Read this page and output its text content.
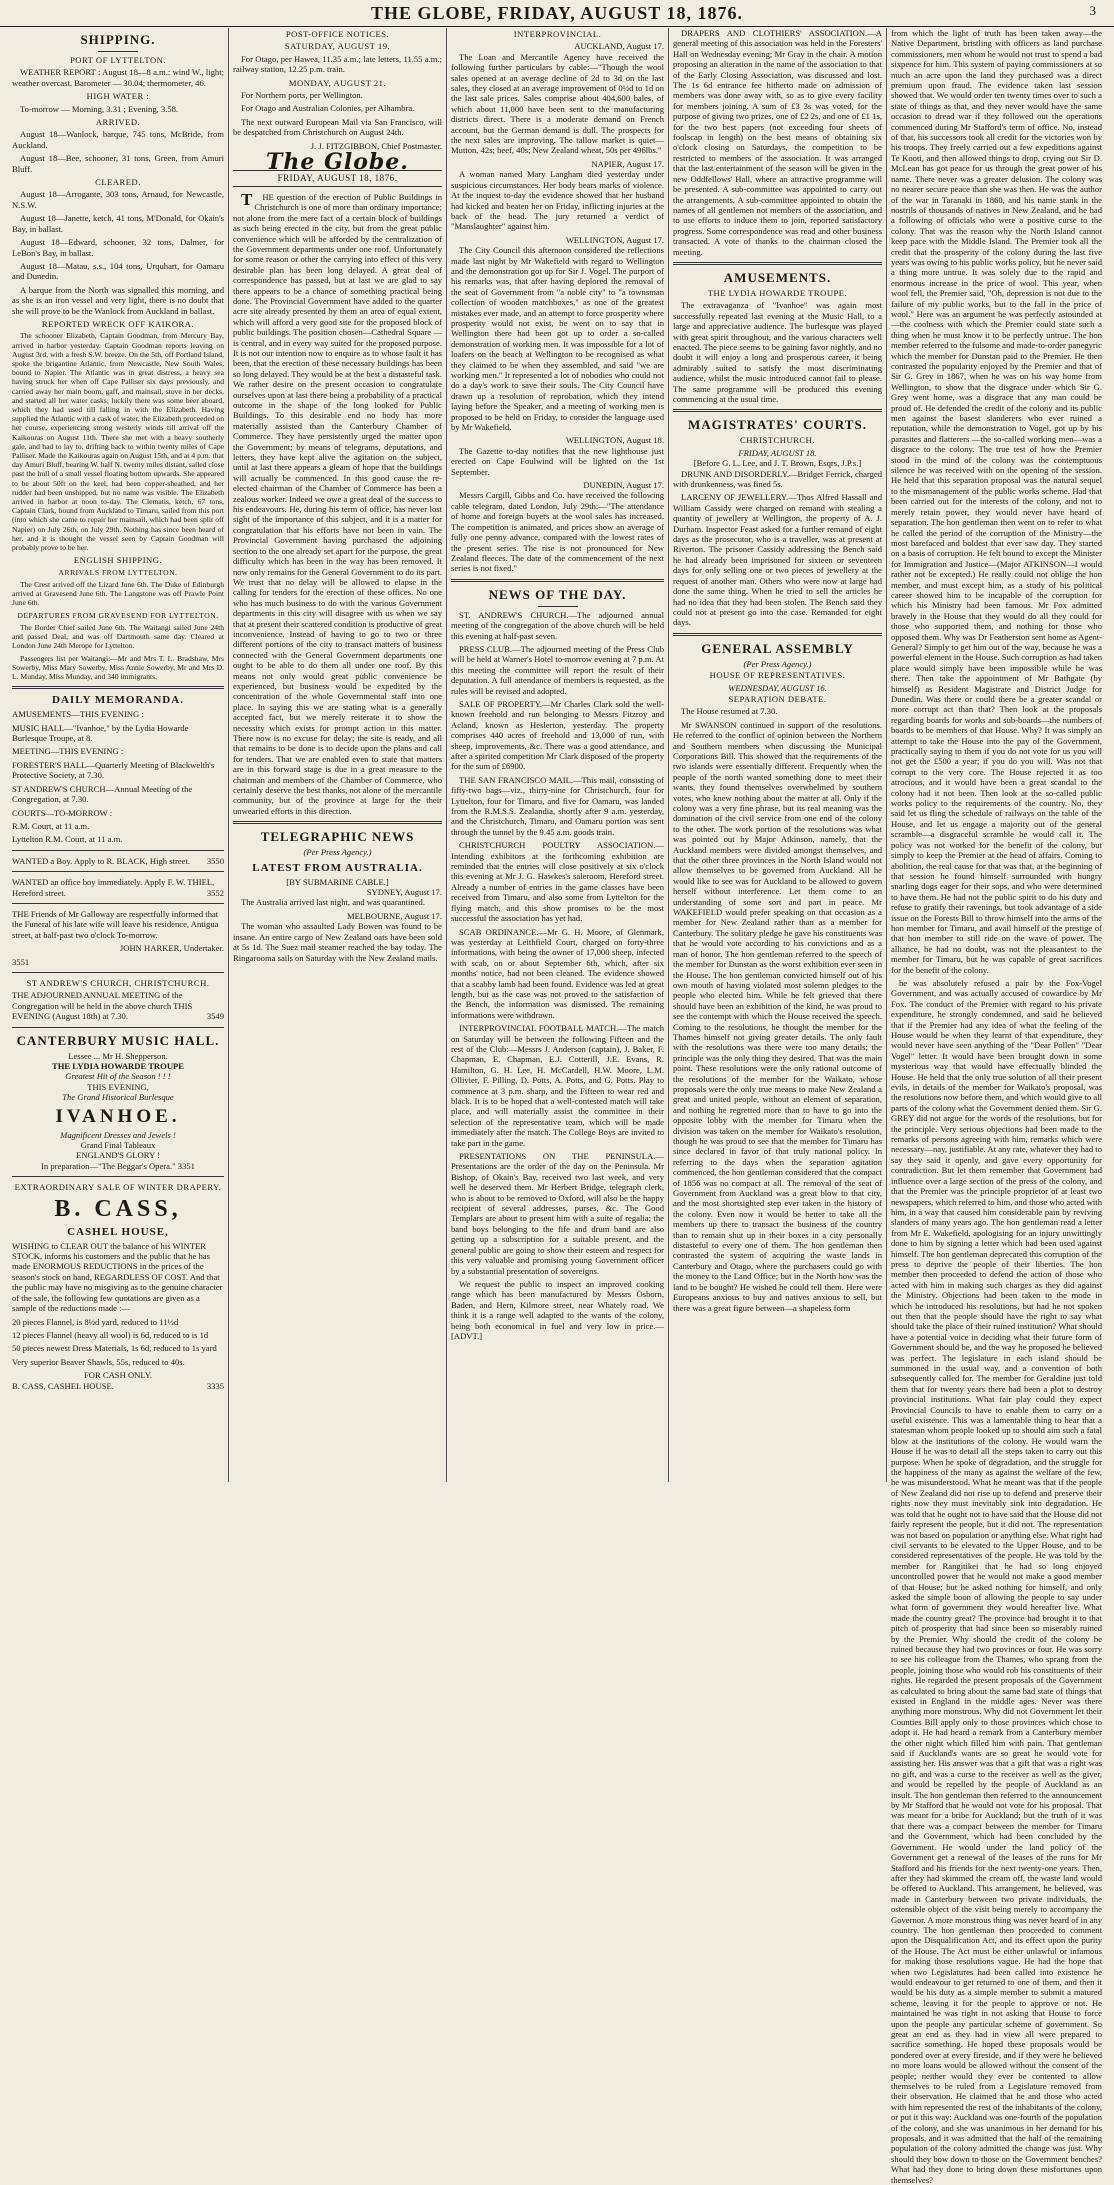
THE GLOBE, FRIDAY, AUGUST 18, 1876.	3
SHIPPING.
PORT OF LYTTELTON.

WEATHER REPORT : August 18—8 a.m.: wind W., light; weather overcast. Barometer — 30.04; thermometer, 46.

HIGH WATER :

To-morrow — Morning, 3.31 ; Evening, 3.58.

ARRIVED.

August 18—Wanlock, barque, 745 tons, McBride, from Auckland.

August 18—Bee, schooner, 31 tons, Green, from Amuri Bluff.

CLEARED.

August 18—Arrogante, 303 tons, Arnaud, for Newcastle, N.S.W.

August 18—Janette, ketch, 41 tons, M'Donald, for Okain's Bay, in ballast.

August 18—Edward, schooner, 32 tons, Dalmer, for LeBon's Bay, in ballast.

August 18—Matau, s.s., 104 tons, Urquhart, for Oamaru and Dunedin.

A barque from the North was signalled this morning, and as she is an iron vessel and very light, there is no doubt that she will prove to be the Wanlock from Auckland in ballast.

REPORTED WRECK OFF KAIKORA.

The schooner Elizabeth, Captain Goodman, from Mercury Bay, arrived in harbor yesterday. Captain Goodman reports leaving on August 3rd, with a fresh S.W. breeze. On the 5th, off Portland Island, spoke the brigantine Atlantic, from Newcastle, New South Wales, bound to Napier. The Atlantic was in great distress, a heavy sea having struck her when off Cape Palliser six days previously, and carried away her main boom, gaff, and mainsail, stove in her decks, and started all her water casks; luckily there was some beer aboard, which they had used till falling in with the Elizabeth. Having supplied the Atlantic with a cask of water, the Elizabeth proceeded on her course, experiencing strong westerly winds till arrival off the Kaikouras on August 11th. There she met with a heavy southerly gale, and had to lay to, drifting back to within twenty miles of Cape Palliser. Made the Kaikouras again on August 15th, and at 4 p.m. that day Amuri Bluff, bearing W. half N. twenty miles distant, sailed close past the hull of a small vessel floating bottom upwards. She appeared to be about 50ft on the keel, had been copper-sheathed, and her rudder had been unshipped, but no name was visible. The Elizabeth arrived in harbor at noon to-day. The Clematis, ketch, 67 tons, Captain Clark, bound from Auckland to Timaru, sailed from this port (into which she came to repair her mainsail, which had been split off Napier) on July 26th, on July 29th. Nothing has since been heard of her, and it is thought the vessel seen by Captain Goodman will probably prove to be her.

ENGLISH SHIPPING.
ARRIVALS FROM LYTTELTON.

The Crest arrived off the Lizard June 6th. The Duke of Edinburgh arrived at Gravesend June 6th. The Langstone was off Prawle Point June 6th.

DEPARTURES FROM GRAVESEND FOR LYTTELTON.

The Border Chief sailed June 6th. The Waitangi sailed June 24th and passed Deal, and was off Dartmouth same day. Cleared at London June 24th Merope for Lyttelton.

Passengers list per Waitangi:—Mr and Mrs T. L. Bradshaw, Mrs Sowerby, Miss Mary Sowerby, Miss Annie Sowerby, Mr and Mrs D. L. Munday, Miss Munday, and 340 immigrants.

DAILY MEMORANDA.

AMUSEMENTS—THIS EVENING :

MUSIC HALL—"Ivanhoe," by the Lydia Howarde Burlesque Troupe, at 8.

MEETING—THIS EVENING :

FORESTER'S HALL—Quarterly Meeting of Blackwelth's Protective Society, at 7.30.

ST ANDREW'S CHURCH—Annual Meeting of the Congregation, at 7.30.

COURTS—TO-MORROW :

R.M. Court, at 11 a.m.

Lyttelton R.M. Court, at 11 a.m.

WANTED a Boy. Apply to R. BLACK, High street. 3550

WANTED an office boy immediately. Apply F. W. THIEL, Hereford street.	3552

THE Friends of Mr Galloway are respectfully informed that the Funeral of his late wife will leave his residence, Antigua street, at half-past two o'clock To-morrow.

JOHN HARKER, Undertaker.

3551

ST ANDREW'S CHURCH, CHRISTCHURCH.

THE ADJOURNED ANNUAL MEETING of the Congregation will be held in the above church THIS EVENING (August 18th) at 7.30.	3549

CANTERBURY MUSIC HALL.
Lessee ... Mr H. Shepperson.
THE LYDIA HOWARDE TROUPE
Greatest Hit of the Season ! ! !
THIS EVENING,
The Grand Historical Burlesque
IVANHOE.
Magnificent Dresses and Jewels !
Grand Final Tableaux
ENGLAND'S GLORY !
In preparation—"The Beggar's Opera." 3351
EXTRAORDINARY SALE OF WINTER DRAPERY.
B. CASS,
CASHEL HOUSE,

WISHING to CLEAR OUT the balance of his WINTER STOCK, informs his customers and the public that he has made ENORMOUS REDUCTIONS in the prices of the season's stock on hand, REGARDLESS OF COST. And that the public may have no misgiving as to the genuine character of the sale, the following few quotations are given as a sample of the reductions made :—

20 pieces Flannel, is 8½d yard, reduced to 11½d

12 pieces Flannel (heavy all wool) is 6d, reduced to is 1d

50 pieces newest Dress Materials, 1s 6d, reduced to 1s yard

Very superior Beaver Shawls, 55s, reduced to 40s.

FOR CASH ONLY.
B. CASS, CASHEL HOUSE.	3335
POST-OFFICE NOTICES.
SATURDAY, AUGUST 19.

For Otago, per Hawea, 11.35 a.m.; late letters, 11.55 a.m.; railway station, 12.25 p.m. train.

MONDAY, AUGUST 21.

For Northern ports, per Wellington.

For Otago and Australian Colonies, per Alhambra.

The next outward European Mail via San Francisco, will be despatched from Christchurch on August 24th.

J. J. FITZGIBBON, Chief Postmaster.

The Globe.
FRIDAY, AUGUST 18, 1876.

THE question of the erection of Public Buildings in Christchurch is one of more than ordinary importance; not alone from the mere fact of a certain block of buildings as such being erected in the city, but from the great public convenience which will be afforded by the centralization of the Government departments under one roof. Unfortunately for some reason or other the carrying into effect of this very desirable plan has been long delayed. A great deal of correspondence has passed, but at last we are glad to say there appears to be a chance of something practical being done. The Provincial Government have added to the quarter acre site already presented by them an area of equal extent, which will afford a very good site for the proposed block of public buildings. The position chosen—Cathedral Square —is central, and in every way suited for the proposed purpose. It is not our intention now to enquire as to whose fault it has been, that the erection of these necessary buildings has been so long delayed. They would be at the best a distasteful task. We rather desire on the present occasion to congratulate ourselves upon at last there being a probability of a practical outcome in the shape of the long looked for Public Buildings. To this desirable end no body has more materially assisted than the Canterbury Chamber of Commerce. They have persistently urged the matter upon the Government; by means of telegrams, deputations, and letters, they have kept alive the agitation on the subject, until at last there appears a gleam of hope that the buildings will actually be commenced. In this good cause the re-elected chairman of the Chamber of Commerce has been a zealous worker. Indeed we owe a great deal of the success to his endeavours. He, during his term of office, has never lost sight of the importance of this subject, and it is a matter for congratulation that his efforts have not been in vain. The Provincial Government having purchased the adjoining section to the one already set apart for the purpose, the great difficulty which has been in the way has been removed. It now only remains for the General Government to do its part. We trust that no delay will be allowed to elapse in the calling for tenders for the erection of these offices. No one who has much business to do with the various Government departments in this city will disagree with us when we say that at present their scattered condition is productive of great inconvenience. Instead of having to go to two or three different portions of the city to transact matters of business connected with the General Government departments one ought to be able to do them all under one roof. By this means not only would great public convenience be experienced, but business would be expedited by the concentration of the whole Governmental staff into one place. In saying this we are stating what is a generally accepted fact, but we merely reiterate it to show the necessity which exists for prompt action in this matter. There now is no excuse for delay; the site is ready, and all that remains to be done is to decide upon the plans and call for tenders. That we are enabled even to state that matters are in this forward stage is due in a great measure to the chairman and members of the Chamber of Commerce, who certainly deserve the best thanks, not alone of the mercantile community, but of the province at large for the their unwearied efforts in this direction.

TELEGRAPHIC NEWS
(Per Press Agency.)
LATEST FROM AUSTRALIA.
[BY SUBMARINE CABLE.]
SYDNEY, August 17.

The Australia arrived last night, and was quarantined.

MELBOURNE, August 17.

The woman who assaulted Lady Bowen was found to be insane. An entire cargo of New Zealand oats have been sold at 5s 1d. The Suez mail steamer reached the bay today. The Ringarooma sails on Saturday with the New Zealand mails.

INTERPROVINCIAL.
AUCKLAND, August 17.

The Loan and Mercantile Agency have received the following further particulars by cable:—"Though the wool sales opened at an average decline of 2d to 3d on the last sales, they closed at an average improvement of 0½d to 1d on the last sale prices. Sales comprise about 404,600 bales, of which about 11,000 have been sent to the manufacturing districts direct. There is a moderate demand on French account, but the German demand is dull. The prospects for the next sales are improving. The tallow market is quiet—Mutton, 42s; beef, 40s; New Zealand wheat, 50s per 496lbs."

NAPIER, August 17.

A woman named Mary Langham died yesterday under suspicious circumstances. Her body bears marks of violence. At the inquest to-day the evidence showed that her husband had kicked and beaten her on Friday, inflicting injuries at the back of the head. The jury returned a verdict of "Manslaughter" against him.

WELLINGTON, August 17.

The City Council this afternoon considered the reflections made last night by Mr Wakefield with regard to Wellington and the demonstration got up for Sir J. Vogel. The purport of his remarks was, that after having deplored the removal of the seat of Government from "a noble city" to "a townsman collection of wooden matchboxes," as one of the greatest mistakes ever made, and an attempt to force prosperity where prosperity would not exist, he went on to say that in Wellington there had been got up to order a so-called demonstration of working men. It was impossible for a lot of loafers on the beach at Wellington to be recognised as what they claimed to be when they assembled, and said "we are working men." It represented a lot of nobodies who could not do a day's work to save their souls. The City Council have drawn up a resolution of reprobation, which they intend laying before the Speaker, and a meeting of working men is proposed to be held on Friday, to consider the language used by Mr Wakefield.

WELLINGTON, August 18.

The Gazette to-day notifies that the new lighthouse just erected on Cape Foulwind will be lighted on the 1st September.

DUNEDIN, August 17.

Messrs Cargill, Gibbs and Co. have received the following cable telegram, dated London, July 29th:—"The attendance of home and foreign buyers at the wool sales has increased. The competition is animated, and prices show an average of fully one penny advance, compared with the lowest rates of the present series. The rise is not pronounced for New Zealand fleeces. The date of the commencement of the next series is not fixed."

NEWS OF THE DAY.

ST. ANDREW'S CHURCH.—The adjourned annual meeting of the congregation of the above church will be held this evening at half-past seven.

PRESS CLUB.—The adjourned meeting of the Press Club will be held at Warner's Hotel to-morrow evening at 7 p.m. At this meeting the committee will report the result of their deputation. A full attendance of members is requested, as the rules will be revised and adopted.

SALE OF PROPERTY.—Mr Charles Clark sold the well-known freehold and run belonging to Messrs Fitzroy and Acland, known as Heslerton, yesterday. The property comprises 440 acres of freehold and 13,000 of run, with sheep, improvements, &c. There was a good attendance, and after a spirited competition Mr Clark disposed of the property for the sum of £6900.

THE SAN FRANCISCO MAIL.—This mail, consisting of fifty-two bags—viz., thirty-nine for Christchurch, four for Lyttelton, four for Timaru, and five for Oamaru, was landed from the R.M.S.S. Zealandia, shortly after 9 a.m. yesterday, and the Christchurch, Timaru, and Oamaru portion was sent through the tunnel by the 9.45 a.m. goods train.

CHRISTCHURCH POULTRY ASSOCIATION.—Intending exhibitors at the forthcoming exhibition are reminded that the entries will close positively at six o'clock this evening at Mr J. G. Hawkes's saleroom, Hereford street. Already a number of entries in the game classes have been received from Timaru, and also some from Lyttelton for the flying match, and this show promises to be the most successful the association has yet had.

SCAB ORDINANCE.—Mr G. H. Moore, of Glenmark, was yesterday at Leithfield Court, charged on forty-three informations, with being the owner of 17,000 sheep, infected with scab, on or about September 6th, which, after six months' notice, had not been cleaned. The evidence showed that a scabby lamb had been found. Evidence was led at great length, but as the case was not proved to the satisfaction of the Bench, the information was dismissed. The remaining informations were withdrawn.

INTERPROVINCIAL FOOTBALL MATCH.—The match on Saturday will be between the following Fifteen and the rest of the Club:—Messrs J. Anderson (captain), J. Baker, F. Chapman, E. Chapman, E.J. Cotterill, J.E. Evans, R. Hamilton, G. H. Lee, H. McCardell, H.W. Moore, L.M. Ollivier, F. Pilling, D. Potts, A. Potts, and G. Potts. Play to commence at 3 p.m. sharp, and the Fifteen to wear red and black. It is to be hoped that a well-contested match will take place, and will materially assist the committee in their selection of the representative team, which will be made immediately after the match. The College Boys are invited to take part in the game.

PRESENTATIONS ON THE PENINSULA.—Presentations are the order of the day on the Peninsula. Mr Bishop, of Okain's Bay, received two last week, and very well he deserved them. Mr Herbert Bridge, telegraph clerk, who is about to be removed to Oxford, will also be the happy recipient of several addresses, purses, &c. The Good Templars are about to present him with a suite of regalia; the band boys belonging to the fife and drum band are also getting up a subscription for a suitable present, and the general public are going to show their esteem and respect for this very valuable and promising young Government officer by a substantial presentation of sovereigns.

We request the public to inspect an improved cooking range which has been manufactured by Messrs Osborn, Baden, and Hern, Kilmore street, near Whately road. We think it is a range well adapted to the wants of the colony, being both economical in fuel and very low in price.—[ADVT.]

DRAPERS AND CLOTHIERS' ASSOCIATION.—A general meeting of this association was held in the Foresters' Hall on Wednesday evening; Mr Gray in the chair. A motion proposing an alteration in the name of the association to that of the Early Closing Association, was discussed and lost. The 1s 6d entrance fee hitherto made on admission of members was done away with, so as to give every facility for members joining. A sum of £3 3s was voted, for the purpose of giving two prizes, one of £2 2s, and one of £1 1s, for the two best papers (not exceeding four sheets of foolscap in length) on the best means of obtaining six o'clock closing on Saturdays, the competition to be restricted to members of the association. It was arranged that the last entertainment of the season will be given in the new Oddfellows' Hall, where an attractive programme will be presented. A sub-committee was appointed to carry out the arrangements. A sub-committee appointed to obtain the names of all gentlemen not members of the association, and to use efforts to induce them to join, reported satisfactory progress. Some correspondence was read and other business transacted. A vote of thanks to the chairman closed the meeting.

AMUSEMENTS.
THE LYDIA HOWARDE TROUPE.

The extravaganza of "Ivanhoe" was again most successfully repeated last evening at the Music Hall, to a large and appreciative audience. The burlesque was played with great spirit throughout, and the various characters well enacted. The piece seems to be gaining favor nightly, and no doubt it will enjoy a long and prosperous career, it being admirably suited to satisfy the most discriminating audience, whilst the music introduced cannot fail to please. The same programme will be produced this evening commencing at the usual time.

MAGISTRATES' COURTS.
CHRISTCHURCH.
FRIDAY, AUGUST 18.
[Before G. L. Lee, and J. T. Brown, Esqrs, J.P.s.]

DRUNK AND DISORDERLY.—Bridget Ferrick, charged with drunkenness, was fined 5s.

LARCENY OF JEWELLERY.—Thos Alfred Hassall and William Cassidy were charged on remand with stealing a quantity of jewellery at Wellington, the property of A. J. Durham. Inspector Feast asked for a further remand of eight days as the prosecutor, who is a traveller, was at present at Riverton. The prisoner Cassidy addressing the Bench said he had already been imprisoned for sixteen or seventeen days for only selling one or two pieces of jewellery at the request of another man. Others who were now at large had done the same thing. When he tried to sell the articles he had no idea that they had been stolen. The Bench said they could not at present go into the case. Remanded for eight days.

GENERAL ASSEMBLY
(Per Press Agency.)
HOUSE OF REPRESENTATIVES.
WEDNESDAY, AUGUST 16.
SEPARATION DEBATE.

The House resumed at 7.30.

Mr SWANSON continued in support of the resolutions. He referred to the conflict of opinion between the Northern and Southern members when discussing the Municipal Corporations Bill. This showed that the requirements of the two islands were essentially different. Frequently when the people of the north wanted something done to meet their wants, they found themselves overwhelmed by southern votes, who knew nothing about the matter at all. Only if the colony was a very fine phrase, but its real meaning was the domination of the civil service from one end of the colony to the other. The work portion of the resolutions was what was pointed out by Major Atkinson, namely, that the Auckland members were divided amongst themselves, and that the other three provinces in the North Island would not allow themselves to be governed from Auckland. All he would like to see was for Auckland to be allowed to govern herself without interference. Let them come to an understanding of some sort and part in peace. Mr WAKEFIELD would prefer speaking on that occasion as a member for New Zealand rather than as a member for Canterbury. The solitary pledge he gave his constituents was that he would vote according to his convictions and as a man of honor. The hon gentleman referred to the speech of the member for Dunstan as the worst exhibition ever seen in the House. The hon gentleman convicted himself out of his own mouth of having violated most solemn pledges to the people who elected him. While he felt grieved that there should have been an exhibition of the kind, he was proud to see the contempt with which the House received the speech. Coming to the resolutions, he thought the member for the Thames himself not giving greater details. The only fault with the resolutions was there were too many details; the principle was the only thing they desired. That was the main point. These resolutions were the only rational outcome of the resolutions of the member for the Waikato, whose proposals were the only true means to make New Zealand a great and united people, without an element of separation, and nothing he regretted more than to have to go into the opposite lobby with the member for Timaru when the division was taken on the member for Waikato's resolution, though he was proud to see that the member for Timaru has since declared in favor of that truly national policy. In referring to the days when the separation agitation commenced, the hon gentleman considered that the compact of 1856 was no compact at all. The removal of the seat of Government from Auckland was a great blow to that city, and the most shortsighted step ever taken in the history of the colony. Even now it would be better to take all the members up there to transact the business of the country than to remain shut up in their boxes in a city personally distasteful to every one of them. The hon gentleman then contrasted the system of acquiring the waste lands in Canterbury and Otago, where the purchasers could go with the money to the Land Office; but in the North how was the land to be bought? He wished he could tell them. Here were Europeans anxious to buy and natives anxious to sell, but there was a great figure between—a shapeless form

from which the light of truth has been taken away—the Native Department, bristling with officers as land purchase commissioners, men whom he would not trust to spend a bad sixpence for him. This system of paying commissioners at so much an acre upon the land they purchased was a direct premium upon fraud. The evidence taken last session showed that. We would order ten twenty times over to such a state of things as that, and they never would have the same occasion to dread war if they followed out the operations commenced during Mr Stafford's term of office. No, instead of that, his successors took all credit for the victories won by his troops. They freely carried out a few expeditions against Te Kooti, and then allowed things to drop, crying out Sir D. McLean has got peace for us through the great power of his name. There never was a greater delusion. The colony was no nearer secure peace than she was then. He was the author of the war in Taranaki in 1860, and his name stank in the nostrils of thousands of natives in New Zealand, and he had a following of officials who were a positive curse to the colony. That was the reason why the North Island cannot keep pace with the Middle Island. The Premier took all the credit that the prosperity of the colony during the last five years was owing to his public works policy, but he never said a thing more untrue. It was solely due to the rapid and enormous increase in the price of wool. This year, when wool fell, the Premier said, "Oh, depression is not due to the failure of my public works, but to the fall in the price of wool." Here was an argument he was perfectly astounded at—the coolness with which the Premier could state such a thing when he must know it to be perfectly untrue. The hon member referred to the fulsome and made-to-order panegyric which the member for Dunstan paid to the Premier. He then contrasted the popularity enjoyed by the Premier and that of Sir G. Grey in 1867, when he was on his way home from Wellington, to show that the disgrace under which Sir G. Grey went home, was a disgrace that any man could be proud of. He defended the credit of the colony and its public men against the basest slanderers who ever ruined a reputation, while the demonstration to Vogel, got up by his parasites and flatterers —the so-called working men—was a disgrace to the colony. The true test of how the Premier stood in the mind of the colony was the contemptuous silence he was received with on the opening of the session. He held that this separation proposal was the natural sequel to the mismanagement of the public works scheme. Had that been carried out for the interests of the colony, and not to merely retain power, they would never have heard of separation. The hon gentleman then went on to refer to what he called the period of the corruption of the Ministry—the most barefaced and boldest that ever saw day. They started on a basis of corruption. He felt bound to except the Minister for Immigration and Justice—(Major ATKINSON—I would rather not be excepted.) He really could not oblige the hon member, and must except him, as a study of his political career showed him to be incapable of the corruption for which his Ministry had been famous. Mr Fox admitted bravely in the House that they would do all they could for those who supported them, and nothing for those who opposed them. Why was Dr Featherston sent home as Agent-General? Simply to get him out of the way, because he was a powerful element in the House. Such corruption as had taken place would simply have been impossible while he was there. Then take the appointment of Mr Bathgate (by himself) as Resident Magistrate and District Judge for Dunedin. Was there or could there be a greater scandal or more corrupt act than that? Then look at the proposals regarding boards for works and sub-boards—the numbers of boards to be members of that House. Why? It was simply an attempt to take the House into the pay of the Government, practically saying to them if you do not vote for us you will not get the £500 a year; if you do you will. Was not that corrupt to the very core. The House rejected it as too atrocious, and it would have been a great scandal to the colony had it not been. Then look at the so-called public works policy to the requirements of the country. No, they said let us fling the schedule of railways on the table of the House, and let us engage a majority out of the general scramble—a disgraceful scramble he would call it. The policy was not worked for the benefit of the colony, but simply to keep the Premier at the head of affairs. Coming to abolition, the real cause for that was that, at the beginning of that session he found himself surrounded with hungry snarling dogs eager for their sops, and who were determined to have them. He had not the public spirit to do his duty and refuse to gratify their ravenings, but took advantage of a side issue on the Forests Bill to throw himself into the arms of the hon member for Timaru, and avail himself of the prestige of that hon member to still ride on the wave of power. The alliance, he had no doubt, was not the pleasantest to the member for Timaru, but he was capable of great sacrifices for the benefit of the colony.

he was absolutely refused a pair by the Fox-Vogel Government, and was actually accused of cowardice by Mr Fox. The conduct of the Premier with regard to his private expenditure, he strongly condemned, and said he believed that if the Premier had any idea of what the feeling of the House would be when they learnt of that expenditure, they would never have seen anything of the "Dear Pollen" "Dear Vogel" letter. It would have been brought down in some mysterious way that would have effectually blinded the House. He held that the only true solution of all their present evils, in details of the member for Waikato's proposal, was the resolutions now before them, and which would give to all parts of the colony what the Government denied them. Sir G. GREY did not argue for the words of the resolutions, but for the principle. Very serious objections had been made to the remarks of persons agreeing with him, remarks which were necessary—nay, justifiable. At any rate, whatever they had to say they said it openly, and gave every opportunity for contradiction. But let them remember that Government had influence over a large section of the press of the colony, and that the Premier was the principle proprietor of at least two newspapers, which referred to him, and those who acted with him, in a way that caused him considerable pain by reviving slanders of many years ago. The hon gentleman read a letter from Mr E. Wakefield, apologising for an injury unwittingly done to him by signing a letter which had been used against himself. The hon gentleman deprecated this corruption of the press to deprive the people of their liberties. The hon member then proceeded to defend the action of those who acted with him in making such charges as they did against the Ministry. Objections had been taken to the mode in which he introduced his resolutions, but had he not spoken out then that the people should have the right to say what should take the place of their ruined institution? What should have a potential voice in deciding what their future form of Government should be, and the way he proposed he believed was perfect. The legislature in each island should be summoned in the usual way, and a convention of both subsequently called for. The member for Geraldine just told them that for twenty years there had been a plot to destroy provincial institutions. What fair play could they expect Provincial Councils to have to enable them to carry on a useful existence. This was a lamentable thing to hear that a statesman whom people looked up to should aim such a fatal blow at the institutions of the colony. He would warn the House if he was to detail all the steps taken to carry out this purpose. When he spoke of degradation, and the struggle for the happiness of the many as against the welfare of the few, he was misunderstood. What he meant was that if the people of New Zealand did not rise up to defend and preserve their rights now they must inevitably sink into degradation. He was told that he ought not to have said that the House did not fairly represent the people, but it did not. The representation was not based on population or anything else. What right had civil servants to be elevated to the Upper House, and to be considered representatives of the people. He was told by the member for Rangitikei that he had so long enjoyed uncontrolled power that he would not make a good member of that House; but he asked nothing for himself, and only asked the simple boon of allowing the people to say under what form of government they would hereafter live. What made the country great? The province had brought it to that pitch of prosperity that had since been so miserably ruined by the Premier. Why should the credit of the colony be ruined because they had two provinces or four. He was sorry to see his colleague from the Thames, who sprang from the people, joining those who would rob his constituents of their rights. He regarded the present proposals of the Government as calculated to bring about the same bad state of things that existed in England in the middle ages. Never was there anything more monstrous. Why did not Government let their Counties Bill apply only to those provinces which chose to adopt it. He had heard a remark from a Canterbury member the other night which filled him with pain. That gentleman said if Auckland's wants are so great he would vote for assisting her. His answer was that a gift that was a right was no gift, and was a curse to the receiver as well as the giver, and would be repelled by the people of Auckland as an insult. The hon gentleman then referred to the announcement by Mr Stafford that he would not vote for his proposal. That was meant for a bribe for Auckland; but the truth of it was that there was a compact between the member for Timaru and the Government, which had been concluded by the Government. He would under the land policy of the Government get a renewal of the leases of the runs for Mr Stafford and his friends for the next twenty-one years. Then, after they had skimmed the cream off, the waste land would be offered to Auckland. This arrangement, he believed, was made in Canterbury between two private individuals, the ostensible object of the visit being merely to accompany the Governor. A more monstrous thing was never heard of in any country. The hon gentleman then proceeded to comment upon the Disqualification Act, and its effect upon the purity of the House. The Act must be either unlawful or infamous for making those resolutions vague. He had the hope that when two Legislatures had been called into existence he would endeavour to get returned to one of them, and then it would be his duty as a simple member to submit a matured scheme, leaving it for the people to approve or not. He maintained he was right in not asking that House to force upon the people any particular scheme of government. So great an end as they had in view all were prepared to sacrifice something. He hoped these proposals would be pondered over at every fireside, and if they were he believed no more loans would be allowed without the consent of the people; neither would they ever be contented to allow themselves to be ruled from a Legislature removed from their observation. He claimed that he and those who acted with him represented the rest of the inhabitants of the colony, or put it this way: Auckland was one-fourth of the population of the colony, and she was unanimous in her demand for his proposals, and it was admitted that the half of the remaining population of the colony admitted the change was just. Why should they bow down to those on the Government benches? What had they done to bring down these misfortunes upon themselves?
